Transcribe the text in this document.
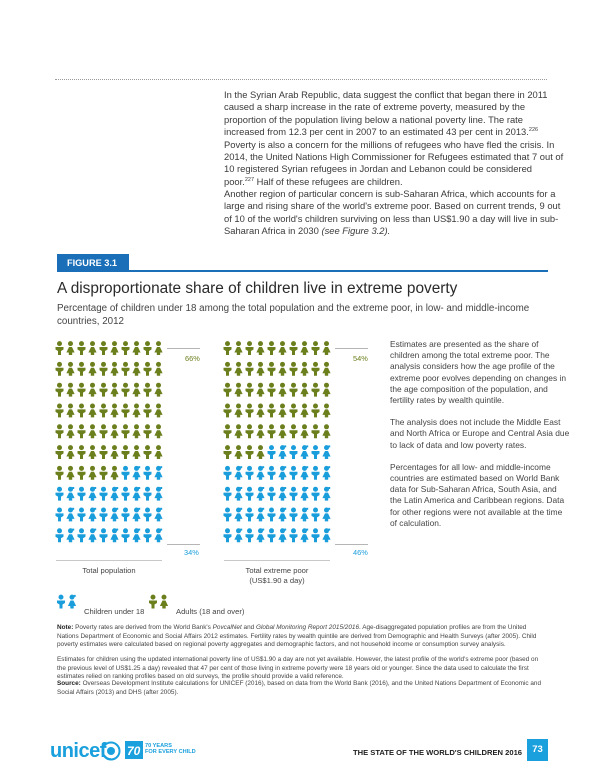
In the Syrian Arab Republic, data suggest the conflict that began there in 2011 caused a sharp increase in the rate of extreme poverty, measured by the proportion of the population living below a national poverty line. The rate increased from 12.3 per cent in 2007 to an estimated 43 per cent in 2013.$^{226}$ Poverty is also a concern for the millions of refugees who have fled the crisis. In 2014, the United Nations High Commissioner for Refugees estimated that 7 out of 10 registered Syrian refugees in Jordan and Lebanon could be considered poor.$^{227}$ Half of these refugees are children.

Another region of particular concern is sub-Saharan Africa, which accounts for a large and rising share of the world's extreme poor. Based on current trends, 9 out of 10 of the world's children surviving on less than US$1.90 a day will live in sub-Saharan Africa in 2030 (see Figure 3.2).

FIGURE 3.1
A disproportionate share of children live in extreme poverty
Percentage of children under 18 among the total population and the extreme poor, in low- and middle-income countries, 2012
66%	54%
34%	46%
Total population	Total extreme poor
(US$1.90 a day)

Estimates are presented as the share of children among the total extreme poor. The analysis considers how the age profile of the extreme poor evolves depending on changes in the age composition of the population, and fertility rates by wealth quintile.

The analysis does not include the Middle East and North Africa or Europe and Central Asia due to lack of data and low poverty rates.

Percentages for all low- and middle-income countries are estimated based on World Bank data for Sub-Saharan Africa, South Asia, and the Latin America and Caribbean regions. Data for other regions were not available at the time of calculation.

Children under 18	Adults (18 and over)
Note: Poverty rates are derived from the World Bank's PovcalNet and Global Monitoring Report 2015/2016. Age-disaggregated population profiles are from the United Nations Department of Economic and Social Affairs 2012 estimates. Fertility rates by wealth quintile are derived from Demographic and Health Surveys (after 2005). Child poverty estimates were calculated based on regional poverty aggregates and demographic factors, and not household income or consumption survey analysis.
Estimates for children using the updated international poverty line of US$1.90 a day are not yet available. However, the latest profile of the world's extreme poor (based on the previous level of US$1.25 a day) revealed that 47 per cent of those living in extreme poverty were 18 years old or younger. Since the data used to calculate the first estimates relied on ranking profiles based on old surveys, the profile should provide a valid reference.
Source: Overseas Development Institute calculations for UNICEF (2016), based on data from the World Bank (2016), and the United Nations Department of Economic and Social Affairs (2013) and DHS (after 2005).
unicef 70 70 YEARS
FOR EVERY CHILD	THE STATE OF THE WORLD'S CHILDREN 2016	73
